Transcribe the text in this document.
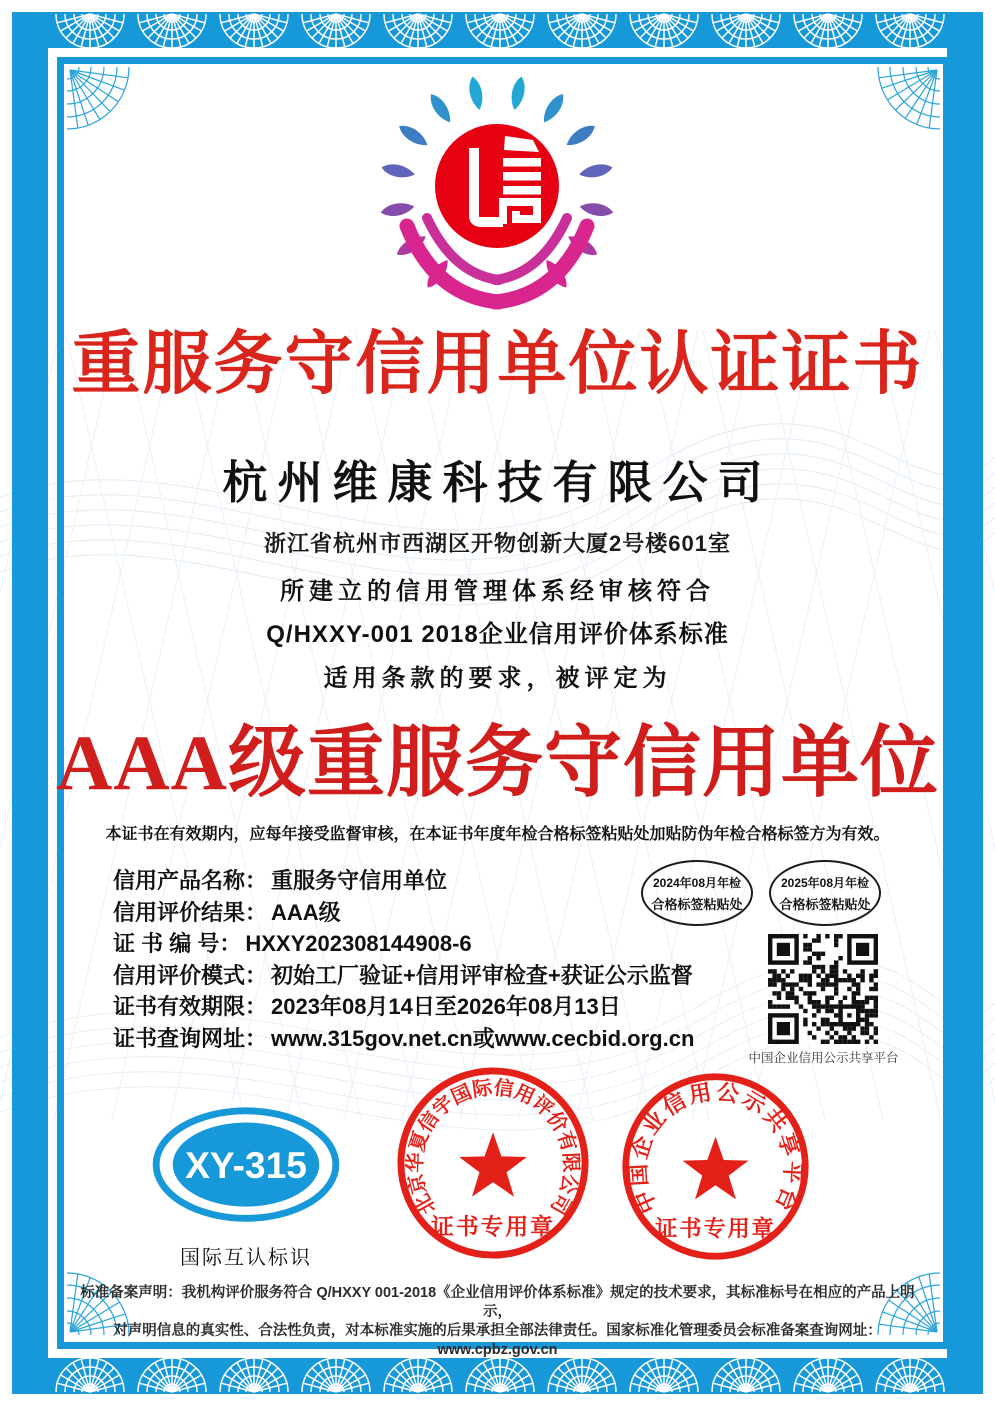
重服务守信用单位认证证书
杭州维康科技有限公司
浙江省杭州市西湖区开物创新大厦2号楼601室
所建立的信用管理体系经审核符合
Q/HXXY-001 2018企业信用评价体系标准
适用条款的要求，被评定为
AAA级重服务守信用单位
本证书在有效期内，应每年接受监督审核，在本证书年度年检合格标签粘贴处加贴防伪年检合格标签方为有效。
信用产品名称： 重服务守信用单位
信用评价结果： AAA级
证 书 编 号： HXXY202308144908-6
信用评价模式： 初始工厂验证+信用评审检查+获证公示监督
证书有效期限： 2023年08月14日至2026年08月13日
证书查询网址： www.315gov.net.cn或www.cecbid.org.cn
2024年08月年检
合格标签粘贴处
2025年08月年检
合格标签粘贴处
中国企业信用公示共享平台
北京华夏信宇国际信用评价有限公司
证书专用章
中国企业信用公示共享平台
证书专用章
XY-315
国际互认标识
标准备案声明：我机构评价服务符合 Q/HXXY 001-2018《企业信用评价体系标准》规定的技术要求，其标准标号在相应的产品上明示，
对声明信息的真实性、合法性负责，对本标准实施的后果承担全部法律责任。国家标准化管理委员会标准备案查询网址：www.cpbz.gov.cn
